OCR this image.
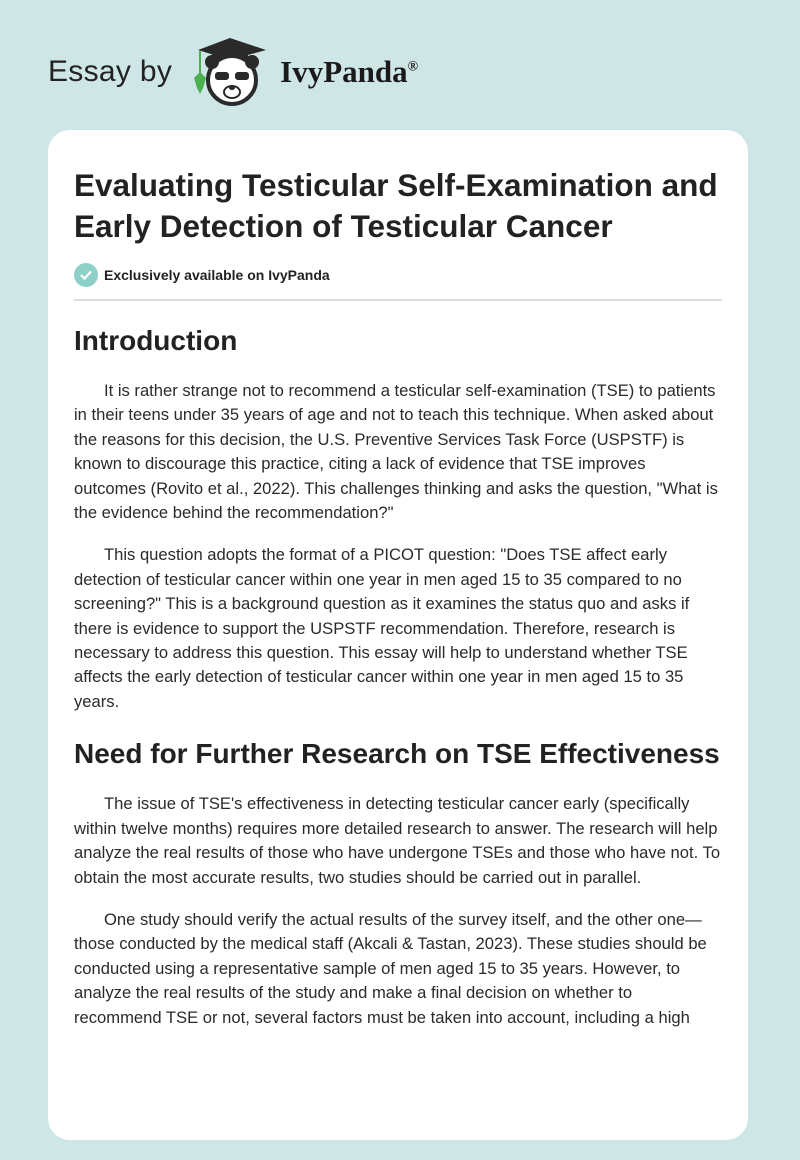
Essay by	IvyPanda®
Evaluating Testicular Self-Examination and Early Detection of Testicular Cancer
Exclusively available on IvyPanda
Introduction

It is rather strange not to recommend a testicular self-examination (TSE) to patients in their teens under 35 years of age and not to teach this technique. When asked about the reasons for this decision, the U.S. Preventive Services Task Force (USPSTF) is known to discourage this practice, citing a lack of evidence that TSE improves outcomes (Rovito et al., 2022). This challenges thinking and asks the question, "What is the evidence behind the recommendation?"

This question adopts the format of a PICOT question: "Does TSE affect early detection of testicular cancer within one year in men aged 15 to 35 compared to no screening?" This is a background question as it examines the status quo and asks if there is evidence to support the USPSTF recommendation. Therefore, research is necessary to address this question. This essay will help to understand whether TSE affects the early detection of testicular cancer within one year in men aged 15 to 35 years.

Need for Further Research on TSE Effectiveness

The issue of TSE's effectiveness in detecting testicular cancer early (specifically within twelve months) requires more detailed research to answer. The research will help analyze the real results of those who have undergone TSEs and those who have not. To obtain the most accurate results, two studies should be carried out in parallel.

One study should verify the actual results of the survey itself, and the other one—those conducted by the medical staff (Akcali & Tastan, 2023). These studies should be conducted using a representative sample of men aged 15 to 35 years. However, to analyze the real results of the study and make a final decision on whether to recommend TSE or not, several factors must be taken into account, including a high
